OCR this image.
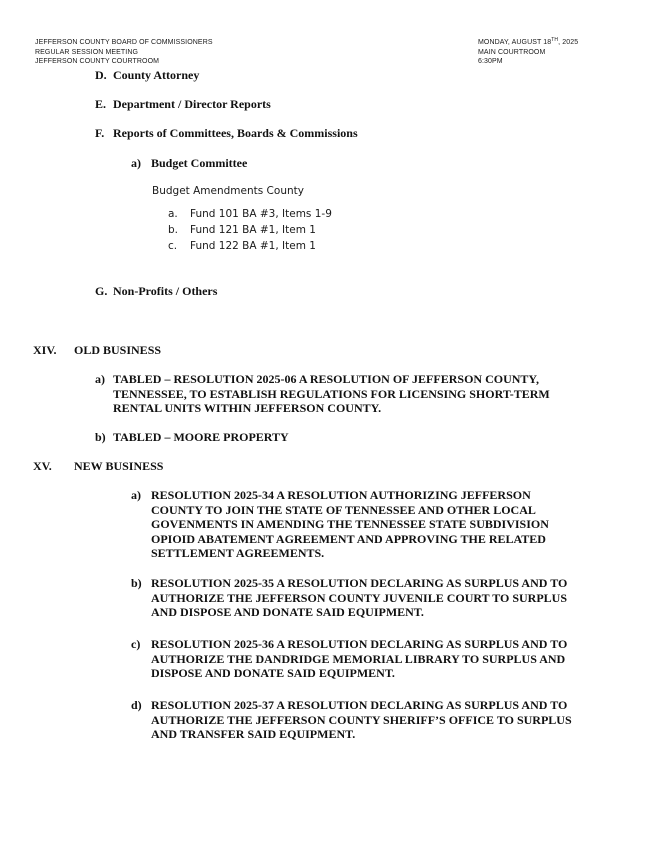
JEFFERSON COUNTY BOARD OF COMMISSIONERS
REGULAR SESSION MEETING
JEFFERSON COUNTY COURTROOM
MONDAY, AUGUST 18TH, 2025
MAIN COURTROOM
6:30PM
D. County Attorney
E. Department / Director Reports
F. Reports of Committees, Boards & Commissions
a) Budget Committee
Budget Amendments County
a. Fund 101 BA #3, Items 1-9
b. Fund 121 BA #1, Item 1
c. Fund 122 BA #1, Item 1
G. Non-Profits / Others
XIV. OLD BUSINESS
a) TABLED – RESOLUTION 2025-06 A RESOLUTION OF JEFFERSON COUNTY,
TENNESSEE, TO ESTABLISH REGULATIONS FOR LICENSING SHORT-TERM
RENTAL UNITS WITHIN JEFFERSON COUNTY.
b) TABLED – MOORE PROPERTY
XV. NEW BUSINESS
a) RESOLUTION 2025-34 A RESOLUTION AUTHORIZING JEFFERSON
COUNTY TO JOIN THE STATE OF TENNESSEE AND OTHER LOCAL
GOVENMENTS IN AMENDING THE TENNESSEE STATE SUBDIVISION
OPIOID ABATEMENT AGREEMENT AND APPROVING THE RELATED
SETTLEMENT AGREEMENTS.
b) RESOLUTION 2025-35 A RESOLUTION DECLARING AS SURPLUS AND TO
AUTHORIZE THE JEFFERSON COUNTY JUVENILE COURT TO SURPLUS
AND DISPOSE AND DONATE SAID EQUIPMENT.
c) RESOLUTION 2025-36 A RESOLUTION DECLARING AS SURPLUS AND TO
AUTHORIZE THE DANDRIDGE MEMORIAL LIBRARY TO SURPLUS AND
DISPOSE AND DONATE SAID EQUIPMENT.
d) RESOLUTION 2025-37 A RESOLUTION DECLARING AS SURPLUS AND TO
AUTHORIZE THE JEFFERSON COUNTY SHERIFF’S OFFICE TO SURPLUS
AND TRANSFER SAID EQUIPMENT.
